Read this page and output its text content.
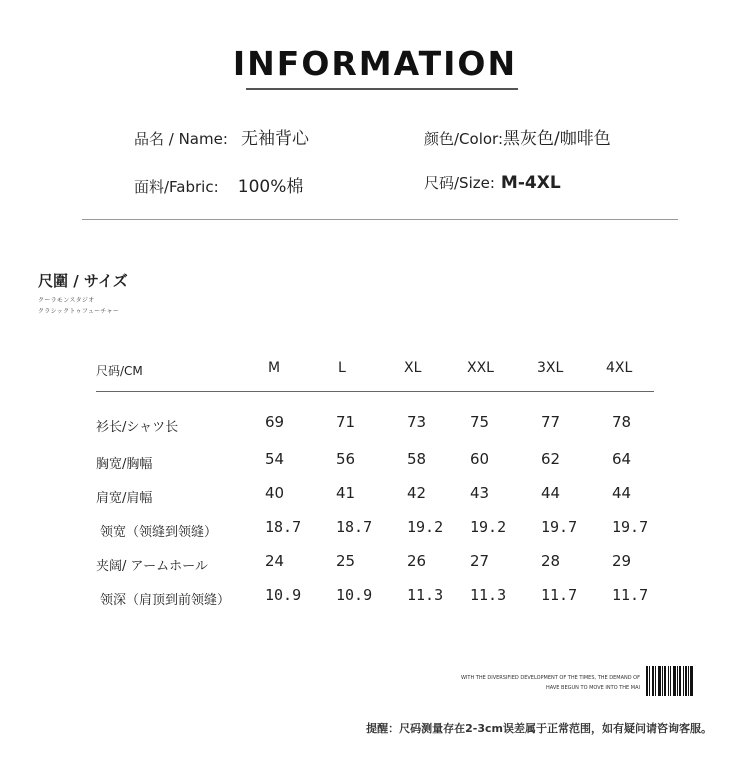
INFORMATION
品名 / Name: 无袖背心	颜色/Color:黑灰色/咖啡色
面料/Fabric: 100%棉	尺码/Size: M-4XL
尺圍 / サイズ
クーラモンスタジオ
クラシックトゥフューチャー
尺码/CM	M	L	XL	XXL	3XL	4XL
衫长/シャツ长	69	71	73	75	77	78
胸宽/胸幅	54	56	58	60	62	64
肩宽/肩幅	40	41	42	43	44	44
领宽（领缝到领缝）	18.7 18.7 19.2 19.2 19.7 19.7
夹阔/ アームホール	24	25	26	27	28	29
领深（肩顶到前领缝） 10.9 10.9 11.3 11.3 11.7 11.7
WITH THE DIVERSIFIED DEVELOPMENT OF THE TIMES, THE DEMAND OF
HAVE BEGUN TO MOVE INTO THE MAI
提醒：尺码测量存在2-3cm误差属于正常范围，如有疑问请咨询客服。
